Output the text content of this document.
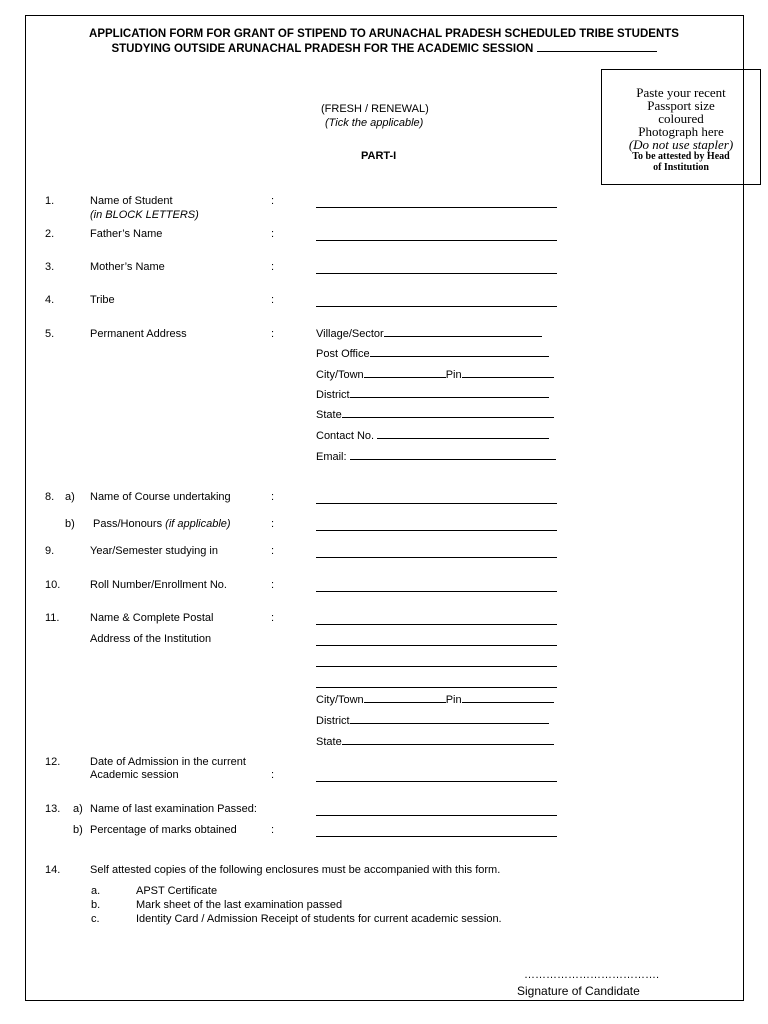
APPLICATION FORM FOR GRANT OF STIPEND TO ARUNACHAL PRADESH SCHEDULED TRIBE STUDENTS
STUDYING OUTSIDE ARUNACHAL PRADESH FOR THE ACADEMIC SESSION
(FRESH / RENEWAL)
(Tick the applicable)
PART-I
Paste your recent
Passport size
coloured
Photograph here
(Do not use stapler)
To be attested by Head
of Institution
1.	Name of Student
(in BLOCK LETTERS)
:
2.	Father’s Name	:
3.	Mother’s Name	:
4.	Tribe	:
5.	Permanent Address	:	Village/Sector
Post Office
City/Town	Pin
District
State
Contact No.
Email:
8. a) Name of Course undertaking	:
b) Pass/Honours (if applicable)	:
9.	Year/Semester studying in	:
10.	Roll Number/Enrollment No.	:
11.	Name & Complete Postal
Address of the Institution
:
City/Town	Pin
District
State
12.	Date of Admission in the current
Academic session	:
13. a) Name of last examination Passed:
b) Percentage of marks obtained	:
14.	Self attested copies of the following enclosures must be accompanied with this form.
a.	APST Certificate
b.	Mark sheet of the last examination passed
c.	Identity Card / Admission Receipt of students for current academic session.
……………………………….
Signature of Candidate
